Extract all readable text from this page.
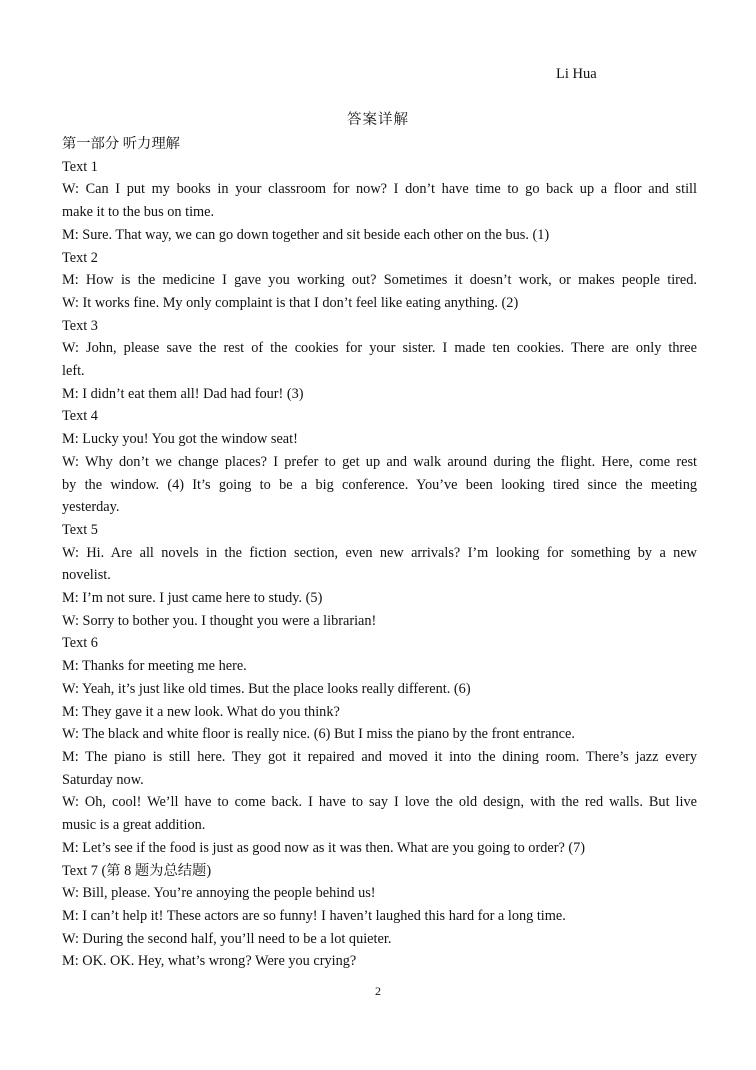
Li Hua
答案详解

第一部分 听力理解

Text 1

W: Can I put my books in your classroom for now? I don’t have time to go back up a floor and still

make it to the bus on time.

M: Sure. That way, we can go down together and sit beside each other on the bus. (1)

Text 2

M: How is the medicine I gave you working out? Sometimes it doesn’t work, or makes people tired.

W: It works fine. My only complaint is that I don’t feel like eating anything. (2)

Text 3

W: John, please save the rest of the cookies for your sister. I made ten cookies. There are only three

left.

M: I didn’t eat them all! Dad had four! (3)

Text 4

M: Lucky you! You got the window seat!

W: Why don’t we change places? I prefer to get up and walk around during the flight. Here, come rest

by the window. (4) It’s going to be a big conference. You’ve been looking tired since the meeting

yesterday.

Text 5

W: Hi. Are all novels in the fiction section, even new arrivals? I’m looking for something by a new

novelist.

M: I’m not sure. I just came here to study. (5)

W: Sorry to bother you. I thought you were a librarian!

Text 6

M: Thanks for meeting me here.

W: Yeah, it’s just like old times. But the place looks really different. (6)

M: They gave it a new look. What do you think?

W: The black and white floor is really nice. (6) But I miss the piano by the front entrance.

M: The piano is still here. They got it repaired and moved it into the dining room. There’s jazz every

Saturday now.

W: Oh, cool! We’ll have to come back. I have to say I love the old design, with the red walls. But live

music is a great addition.

M: Let’s see if the food is just as good now as it was then. What are you going to order? (7)

Text 7 (第 8 题为总结题)

W: Bill, please. You’re annoying the people behind us!

M: I can’t help it! These actors are so funny! I haven’t laughed this hard for a long time.

W: During the second half, you’ll need to be a lot quieter.

M: OK. OK. Hey, what’s wrong? Were you crying?

2
